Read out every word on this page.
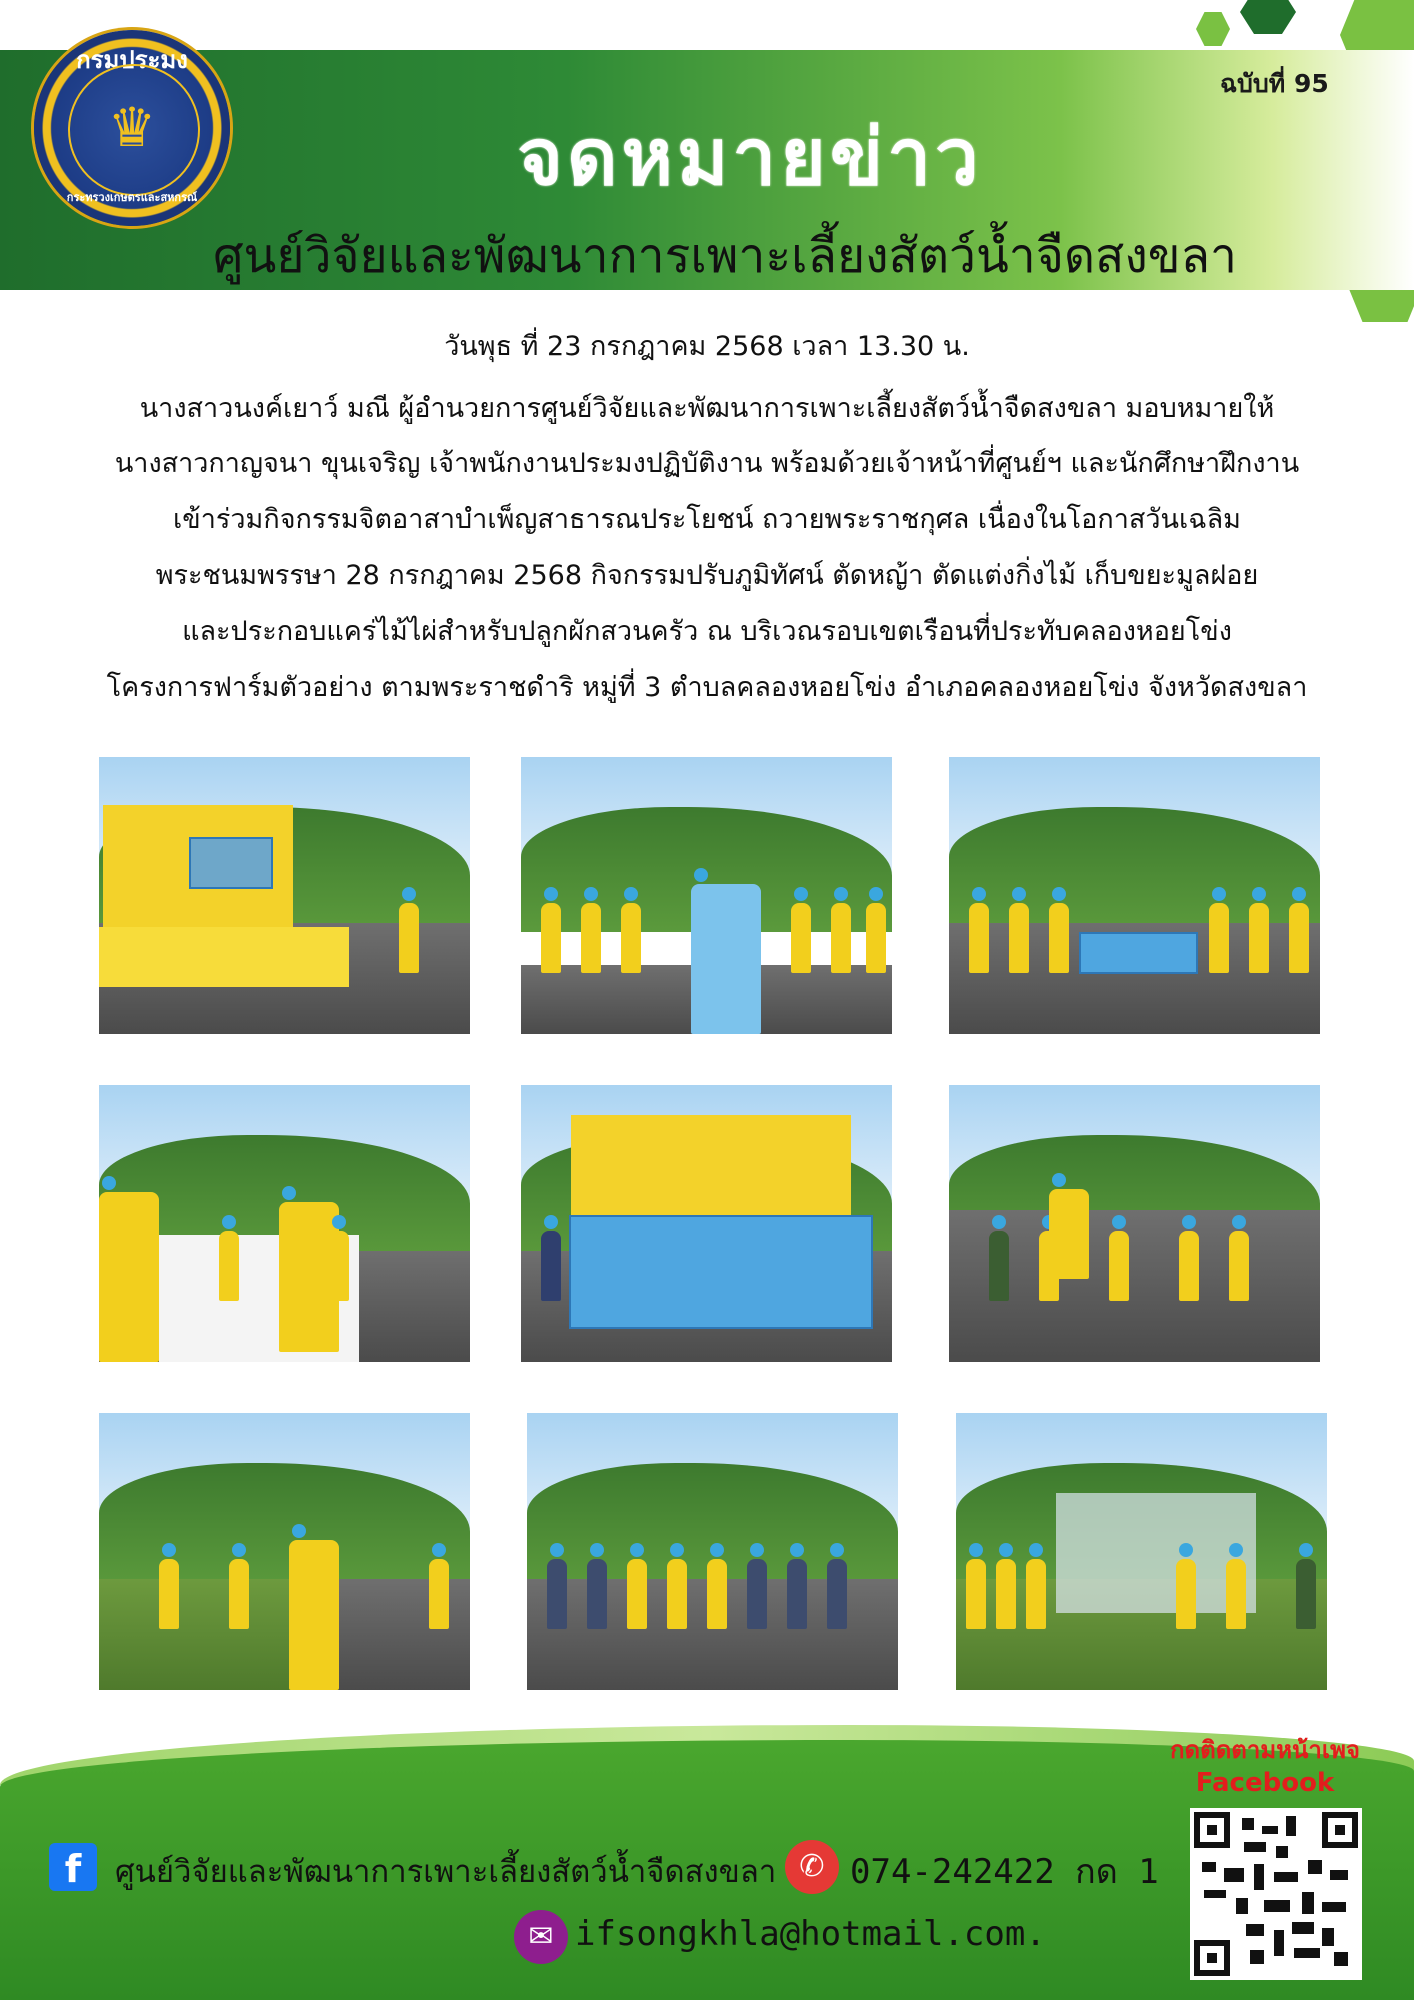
กรมประมง
♛
กระทรวงเกษตรและสหกรณ์
ฉบับที่ 95
จดหมายข่าว
ศูนย์วิจัยและพัฒนาการเพาะเลี้ยงสัตว์น้ำจืดสงขลา
วันพุธ ที่ 23 กรกฎาคม 2568 เวลา 13.30 น.
นางสาวนงค์เยาว์ มณี ผู้อำนวยการศูนย์วิจัยและพัฒนาการเพาะเลี้ยงสัตว์น้ำจืดสงขลา มอบหมายให้
นางสาวกาญจนา ขุนเจริญ เจ้าพนักงานประมงปฏิบัติงาน พร้อมด้วยเจ้าหน้าที่ศูนย์ฯ และนักศึกษาฝึกงาน
เข้าร่วมกิจกรรมจิตอาสาบำเพ็ญสาธารณประโยชน์ ถวายพระราชกุศล เนื่องในโอกาสวันเฉลิม
พระชนมพรรษา 28 กรกฎาคม 2568 กิจกรรมปรับภูมิทัศน์ ตัดหญ้า ตัดแต่งกิ่งไม้ เก็บขยะมูลฝอย
และประกอบแคร่ไม้ไผ่สำหรับปลูกผักสวนครัว ณ บริเวณรอบเขตเรือนที่ประทับคลองหอยโข่ง
โครงการฟาร์มตัวอย่าง ตามพระราชดำริ หมู่ที่ 3 ตำบลคลองหอยโข่ง อำเภอคลองหอยโข่ง จังหวัดสงขลา
f	ศูนย์วิจัยและพัฒนาการเพาะเลี้ยงสัตว์น้ำจืดสงขลา ✆ 074-242422 กด 1
✉ ifsongkhla@hotmail.com.
กดติดตามหน้าเพจ
Facebook
